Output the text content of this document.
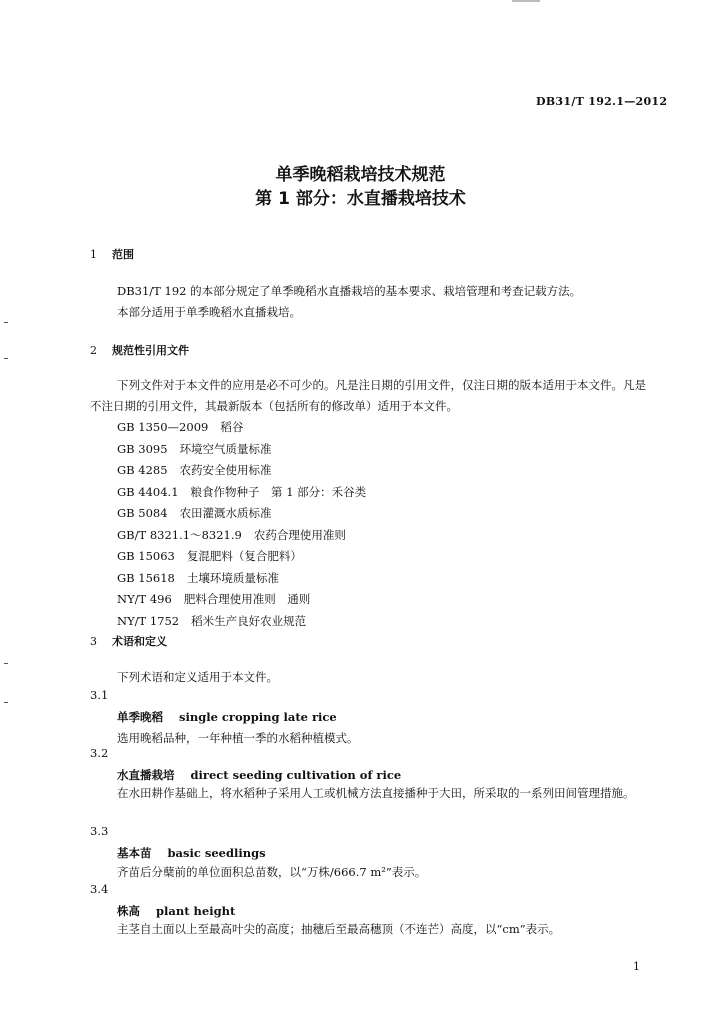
DB31/T 192.1—2012
单季晚稻栽培技术规范
第 1 部分：水直播栽培技术
1 范围
DB31/T 192 的本部分规定了单季晚稻水直播栽培的基本要求、栽培管理和考查记载方法。
本部分适用于单季晚稻水直播栽培。
2 规范性引用文件
下列文件对于本文件的应用是必不可少的。凡是注日期的引用文件，仅注日期的版本适用于本文件。凡是不注日期的引用文件，其最新版本（包括所有的修改单）适用于本文件。
GB 1350—2009 稻谷
GB 3095 环境空气质量标准
GB 4285 农药安全使用标准
GB 4404.1 粮食作物种子　第 1 部分：禾谷类
GB 5084 农田灌溉水质标准
GB/T 8321.1～8321.9 农药合理使用准则
GB 15063 复混肥料（复合肥料）
GB 15618 土壤环境质量标准
NY/T 496 肥料合理使用准则　通则
NY/T 1752 稻米生产良好农业规范
3 术语和定义
下列术语和定义适用于本文件。
3.1
单季晚稻 single cropping late rice
选用晚稻品种，一年种植一季的水稻种植模式。
3.2
水直播栽培 direct seeding cultivation of rice
在水田耕作基础上，将水稻种子采用人工或机械方法直接播种于大田，所采取的一系列田间管理措施。
3.3
基本苗 basic seedlings
齐苗后分蘖前的单位面积总苗数，以“万株/666.7 m²”表示。
3.4
株高 plant height
主茎自土面以上至最高叶尖的高度；抽穗后至最高穗顶（不连芒）高度，以“cm”表示。
1
